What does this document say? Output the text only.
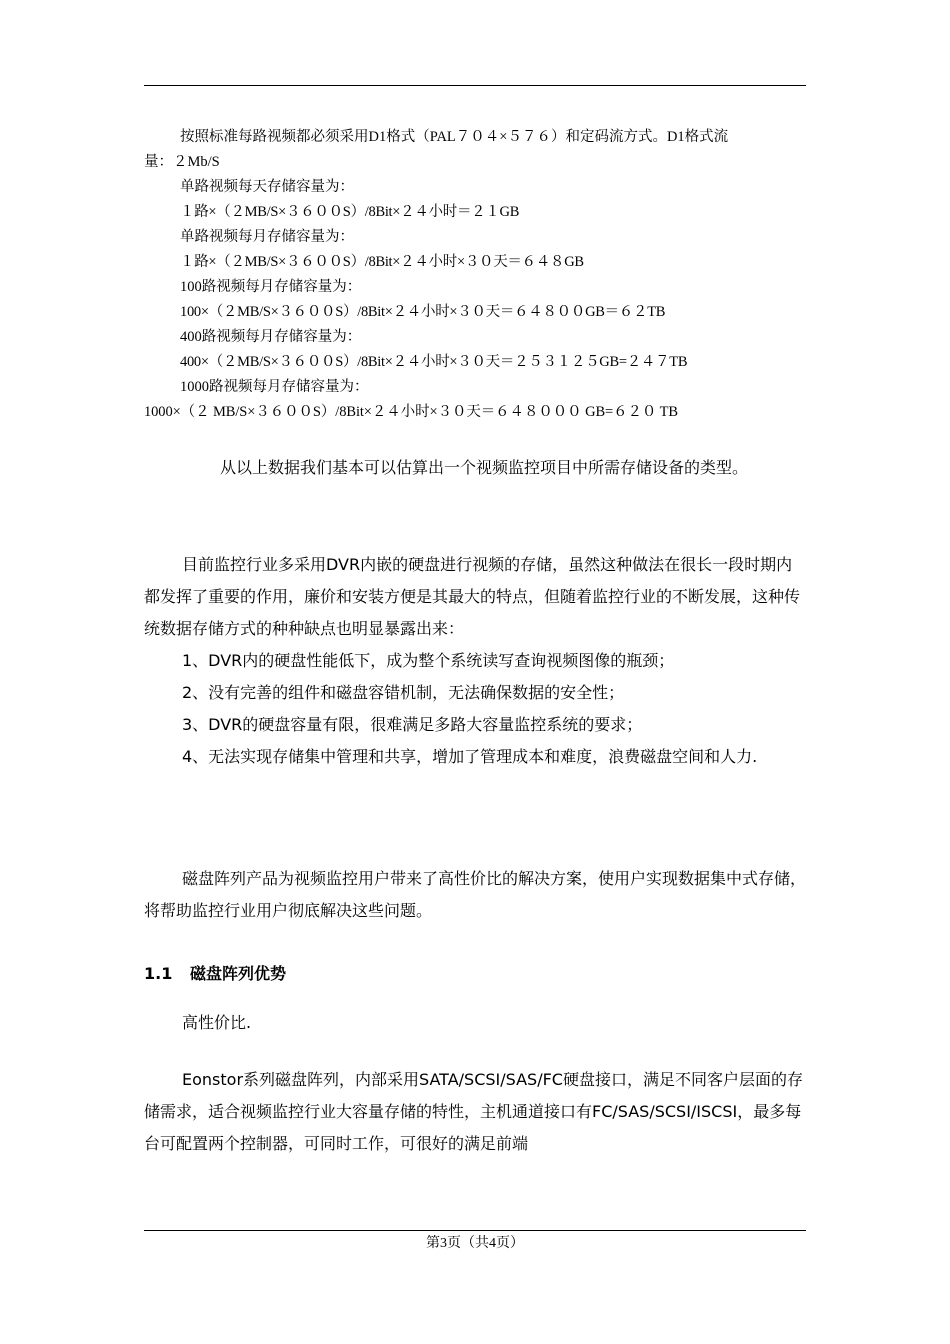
按照标准每路视频都必须采用D1格式（PAL７０４×５７６）和定码流方式。D1格式流
量：２Mb/S
单路视频每天存储容量为：
１路×（２MB/S×３６００S）/8Bit×２４小时＝２１GB
单路视频每月存储容量为：
１路×（２MB/S×３６００S）/8Bit×２４小时×３０天＝６４８GB
100路视频每月存储容量为：
100×（２MB/S×３６００S）/8Bit×２４小时×３０天＝６４８００GB＝６２TB
400路视频每月存储容量为：
400×（２MB/S×３６００S）/8Bit×２４小时×３０天＝２５３１２５GB=２４７TB
1000路视频每月存储容量为：
1000×（２ MB/S×３６００S）/8Bit×２４小时×３０天＝６４８０００ GB=６２０ TB

从以上数据我们基本可以估算出一个视频监控项目中所需存储设备的类型。

目前监控行业多采用DVR内嵌的硬盘进行视频的存储，虽然这种做法在很长一段时期内都发挥了重要的作用，廉价和安装方便是其最大的特点，但随着监控行业的不断发展，这种传统数据存储方式的种种缺点也明显暴露出来：

1、DVR内的硬盘性能低下，成为整个系统读写查询视频图像的瓶颈；

2、没有完善的组件和磁盘容错机制，无法确保数据的安全性；

3、DVR的硬盘容量有限，很难满足多路大容量监控系统的要求；

4、无法实现存储集中管理和共享，增加了管理成本和难度，浪费磁盘空间和人力.

磁盘阵列产品为视频监控用户带来了高性价比的解决方案，使用户实现数据集中式存储，将帮助监控行业用户彻底解决这些问题。

1.1 磁盘阵列优势

高性价比.

Eonstor系列磁盘阵列，内部采用SATA/SCSI/SAS/FC硬盘接口，满足不同客户层面的存储需求，适合视频监控行业大容量存储的特性，主机通道接口有FC/SAS/SCSI/ISCSI，最多每台可配置两个控制器，可同时工作，可很好的满足前端

第3页（共4页）
